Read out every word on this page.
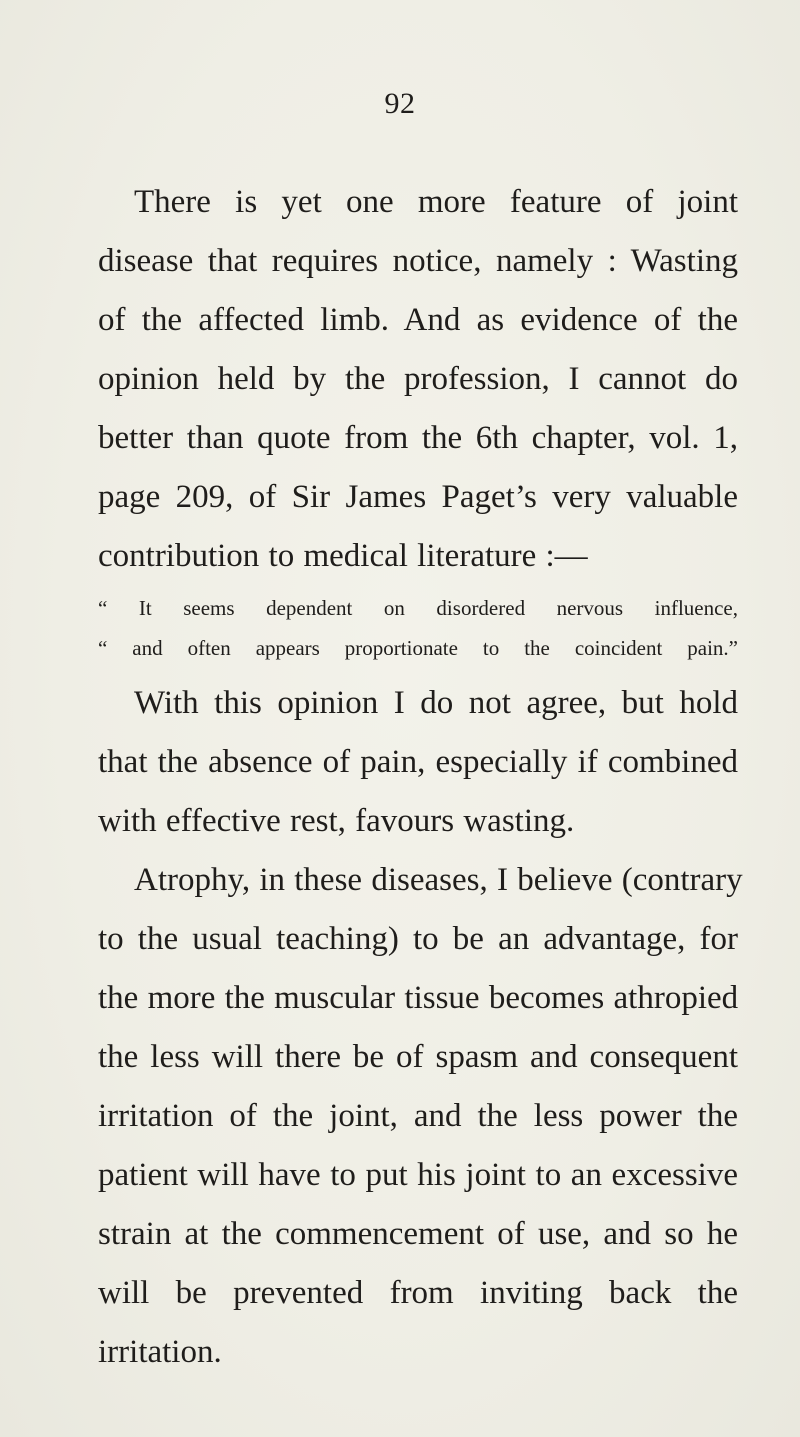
92
There is yet one more feature of joint
disease that requires notice, namely : Wasting
of the affected limb. And as evidence of the
opinion held by the profession, I cannot do
better than quote from the 6th chapter, vol. 1,
page 209, of Sir James Paget’s very valuable
contribution to medical literature :—
“ It seems dependent on disordered nervous influence,
“ and often appears proportionate to the coincident pain.”
With this opinion I do not agree, but hold
that the absence of pain, especially if combined
with effective rest, favours wasting.
Atrophy, in these diseases, I believe (contrary
to the usual teaching) to be an advantage, for
the more the muscular tissue becomes athropied
the less will there be of spasm and consequent
irritation of the joint, and the less power the
patient will have to put his joint to an excessive
strain at the commencement of use, and so he
will be prevented from inviting back the
irritation.
